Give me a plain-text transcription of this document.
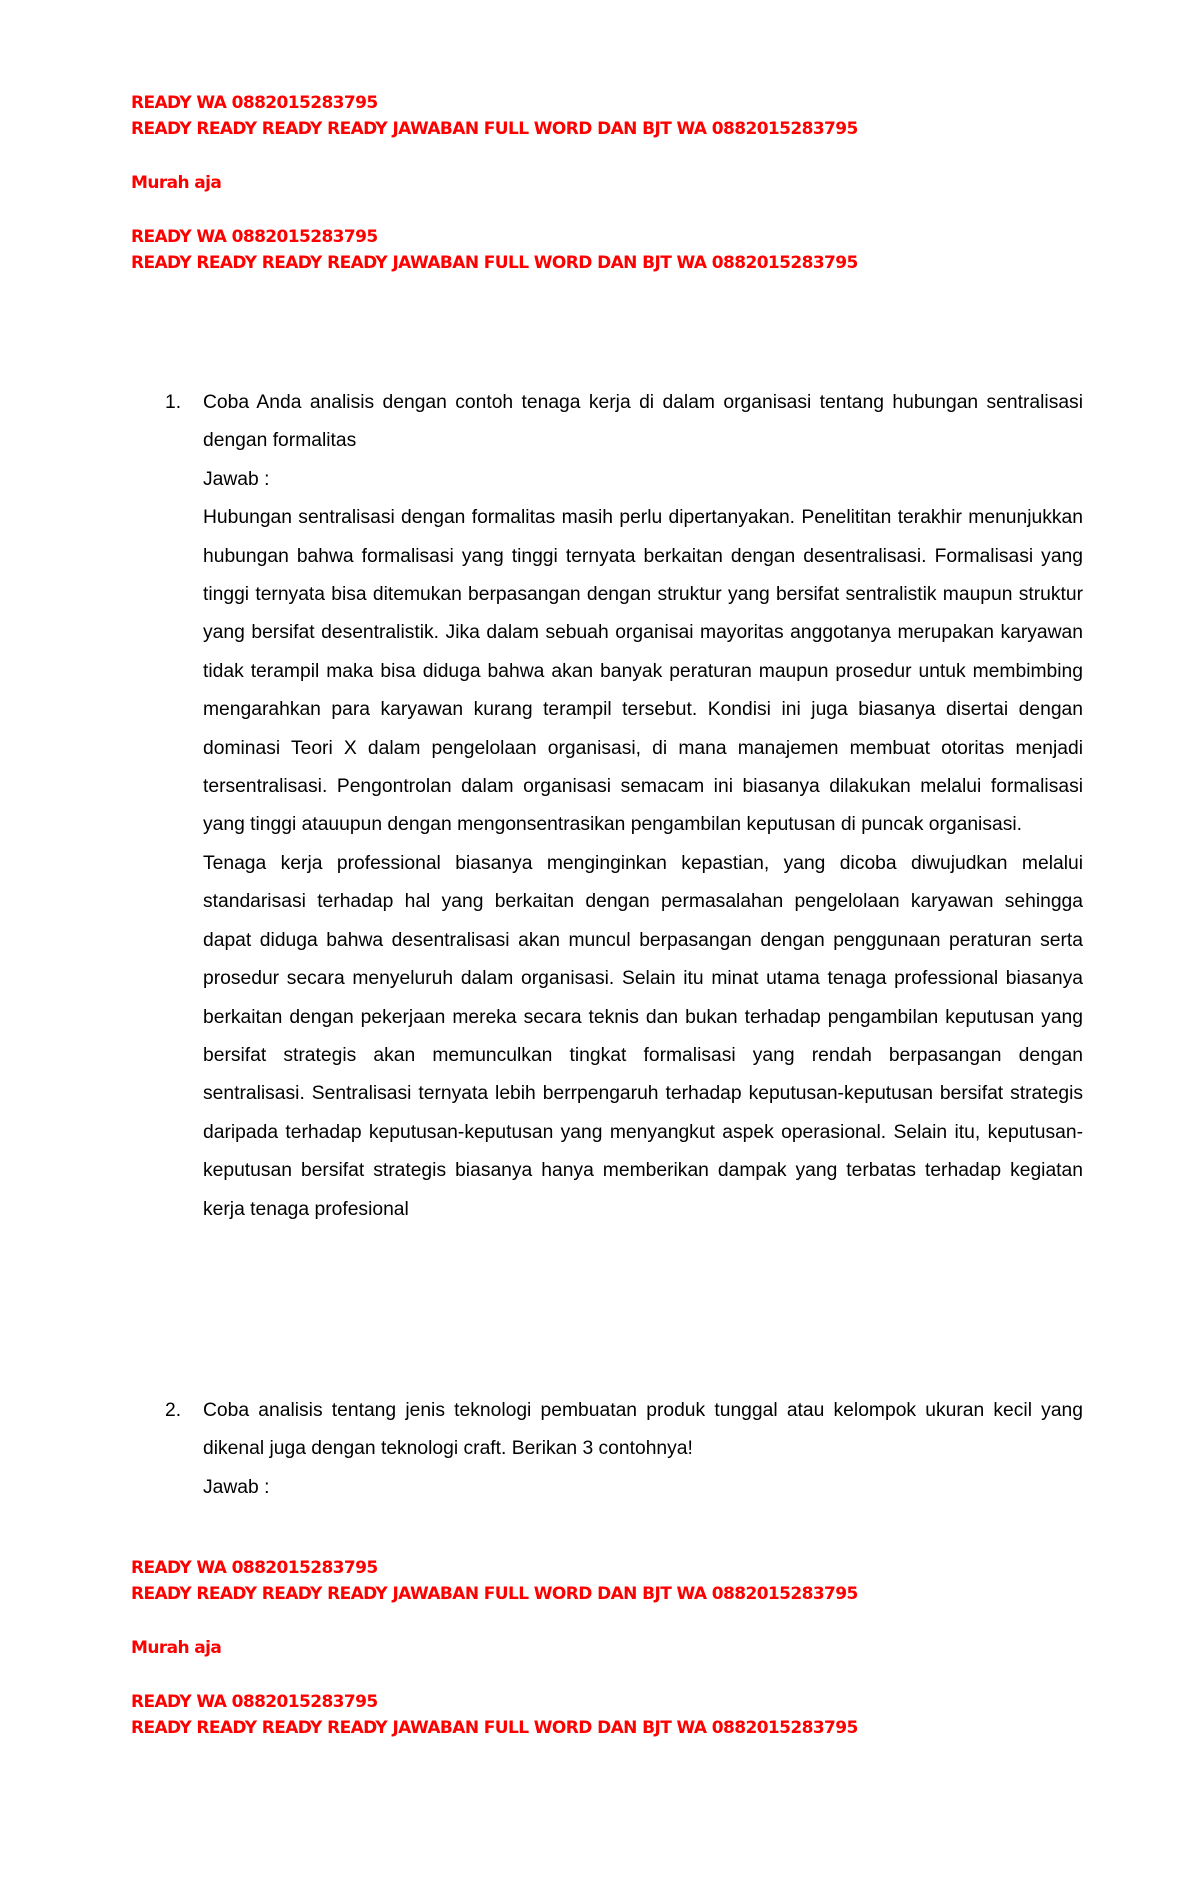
READY WA 0882015283795
READY READY READY READY JAWABAN FULL WORD DAN BJT WA 0882015283795
Murah aja
READY WA 0882015283795
READY READY READY READY JAWABAN FULL WORD DAN BJT WA 0882015283795
1. Coba Anda analisis dengan contoh tenaga kerja di dalam organisasi tentang hubungan sentralisasi dengan formalitas
Jawab :
Hubungan sentralisasi dengan formalitas masih perlu dipertanyakan. Penelititan terakhir menunjukkan hubungan bahwa formalisasi yang tinggi ternyata berkaitan dengan desentralisasi. Formalisasi yang tinggi ternyata bisa ditemukan berpasangan dengan struktur yang bersifat sentralistik maupun struktur yang bersifat desentralistik. Jika dalam sebuah organisai mayoritas anggotanya merupakan karyawan tidak terampil maka bisa diduga bahwa akan banyak peraturan maupun prosedur untuk membimbing mengarahkan para karyawan kurang terampil tersebut. Kondisi ini juga biasanya disertai dengan dominasi Teori X dalam pengelolaan organisasi, di mana manajemen membuat otoritas menjadi tersentralisasi. Pengontrolan dalam organisasi semacam ini biasanya dilakukan melalui formalisasi yang tinggi atauupun dengan mengonsentrasikan pengambilan keputusan di puncak organisasi.
Tenaga kerja professional biasanya menginginkan kepastian, yang dicoba diwujudkan melalui standarisasi terhadap hal yang berkaitan dengan permasalahan pengelolaan karyawan sehingga dapat diduga bahwa desentralisasi akan muncul berpasangan dengan penggunaan peraturan serta prosedur secara menyeluruh dalam organisasi. Selain itu minat utama tenaga professional biasanya berkaitan dengan pekerjaan mereka secara teknis dan bukan terhadap pengambilan keputusan yang bersifat strategis akan memunculkan tingkat formalisasi yang rendah berpasangan dengan sentralisasi. Sentralisasi ternyata lebih berrpengaruh terhadap keputusan-keputusan bersifat strategis daripada terhadap keputusan-keputusan yang menyangkut aspek operasional. Selain itu, keputusan-keputusan bersifat strategis biasanya hanya memberikan dampak yang terbatas terhadap kegiatan kerja tenaga profesional
2. Coba analisis tentang jenis teknologi pembuatan produk tunggal atau kelompok ukuran kecil yang dikenal juga dengan teknologi craft. Berikan 3 contohnya!
Jawab :
READY WA 0882015283795
READY READY READY READY JAWABAN FULL WORD DAN BJT WA 0882015283795
Murah aja
READY WA 0882015283795
READY READY READY READY JAWABAN FULL WORD DAN BJT WA 0882015283795
